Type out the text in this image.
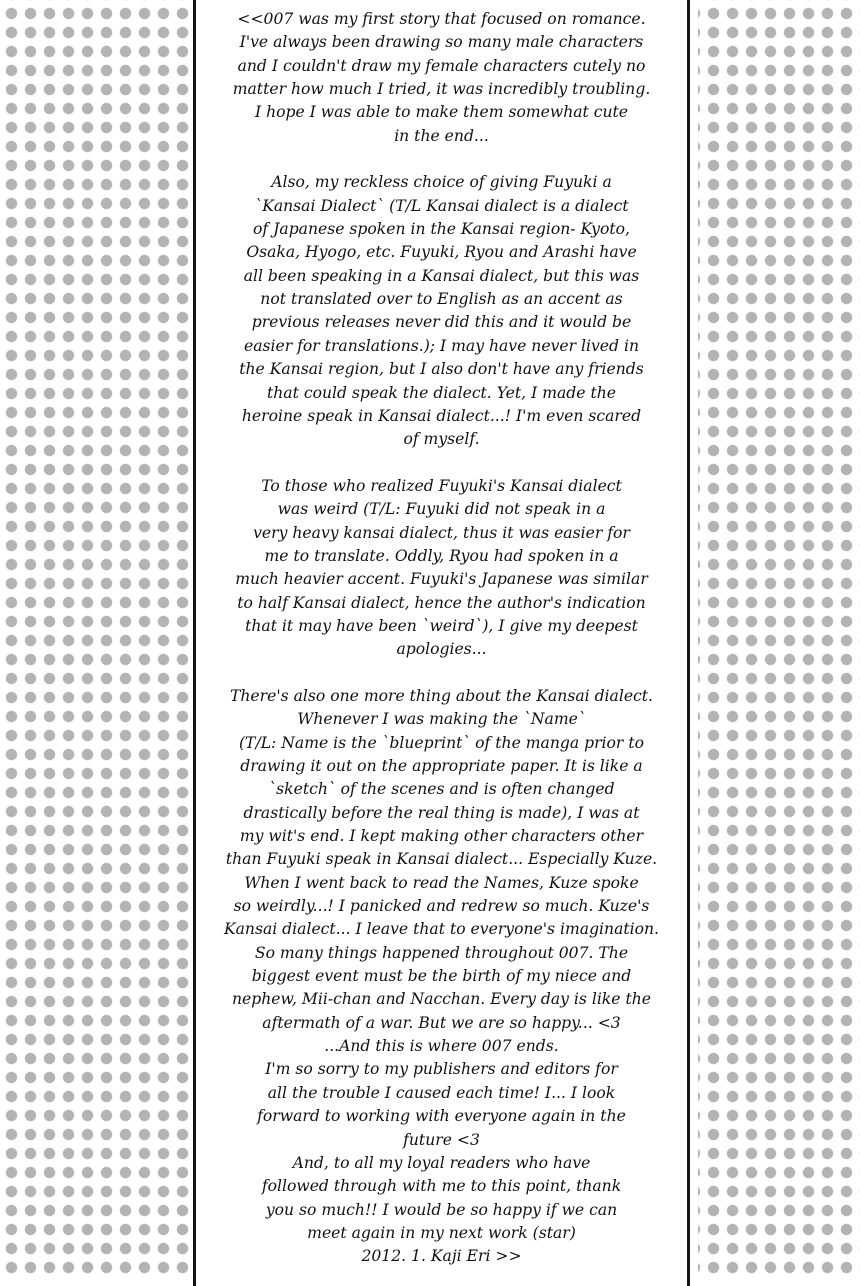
<<007 was my first story that focused on romance.
I've always been drawing so many male characters
and I couldn't draw my female characters cutely no
matter how much I tried, it was incredibly troubling.
I hope I was able to make them somewhat cute
in the end...
Also, my reckless choice of giving Fuyuki a
`Kansai Dialect` (T/L Kansai dialect is a dialect
of Japanese spoken in the Kansai region- Kyoto,
Osaka, Hyogo, etc. Fuyuki, Ryou and Arashi have
all been speaking in a Kansai dialect, but this was
not translated over to English as an accent as
previous releases never did this and it would be
easier for translations.); I may have never lived in
the Kansai region, but I also don't have any friends
that could speak the dialect. Yet, I made the
heroine speak in Kansai dialect...! I'm even scared
of myself.
To those who realized Fuyuki's Kansai dialect
was weird (T/L: Fuyuki did not speak in a
very heavy kansai dialect, thus it was easier for
me to translate. Oddly, Ryou had spoken in a
much heavier accent. Fuyuki's Japanese was similar
to half Kansai dialect, hence the author's indication
that it may have been `weird`), I give my deepest
apologies...
There's also one more thing about the Kansai dialect.
Whenever I was making the `Name`
(T/L: Name is the `blueprint` of the manga prior to
drawing it out on the appropriate paper. It is like a
`sketch` of the scenes and is often changed
drastically before the real thing is made), I was at
my wit's end. I kept making other characters other
than Fuyuki speak in Kansai dialect... Especially Kuze.
When I went back to read the Names, Kuze spoke
so weirdly...! I panicked and redrew so much. Kuze's
Kansai dialect... I leave that to everyone's imagination.
So many things happened throughout 007. The
biggest event must be the birth of my niece and
nephew, Mii-chan and Nacchan. Every day is like the
aftermath of a war. But we are so happy... <3
...And this is where 007 ends.
I'm so sorry to my publishers and editors for
all the trouble I caused each time! I... I look
forward to working with everyone again in the
future <3
And, to all my loyal readers who have
followed through with me to this point, thank
you so much!! I would be so happy if we can
meet again in my next work (star)
2012. 1. Kaji Eri >>
